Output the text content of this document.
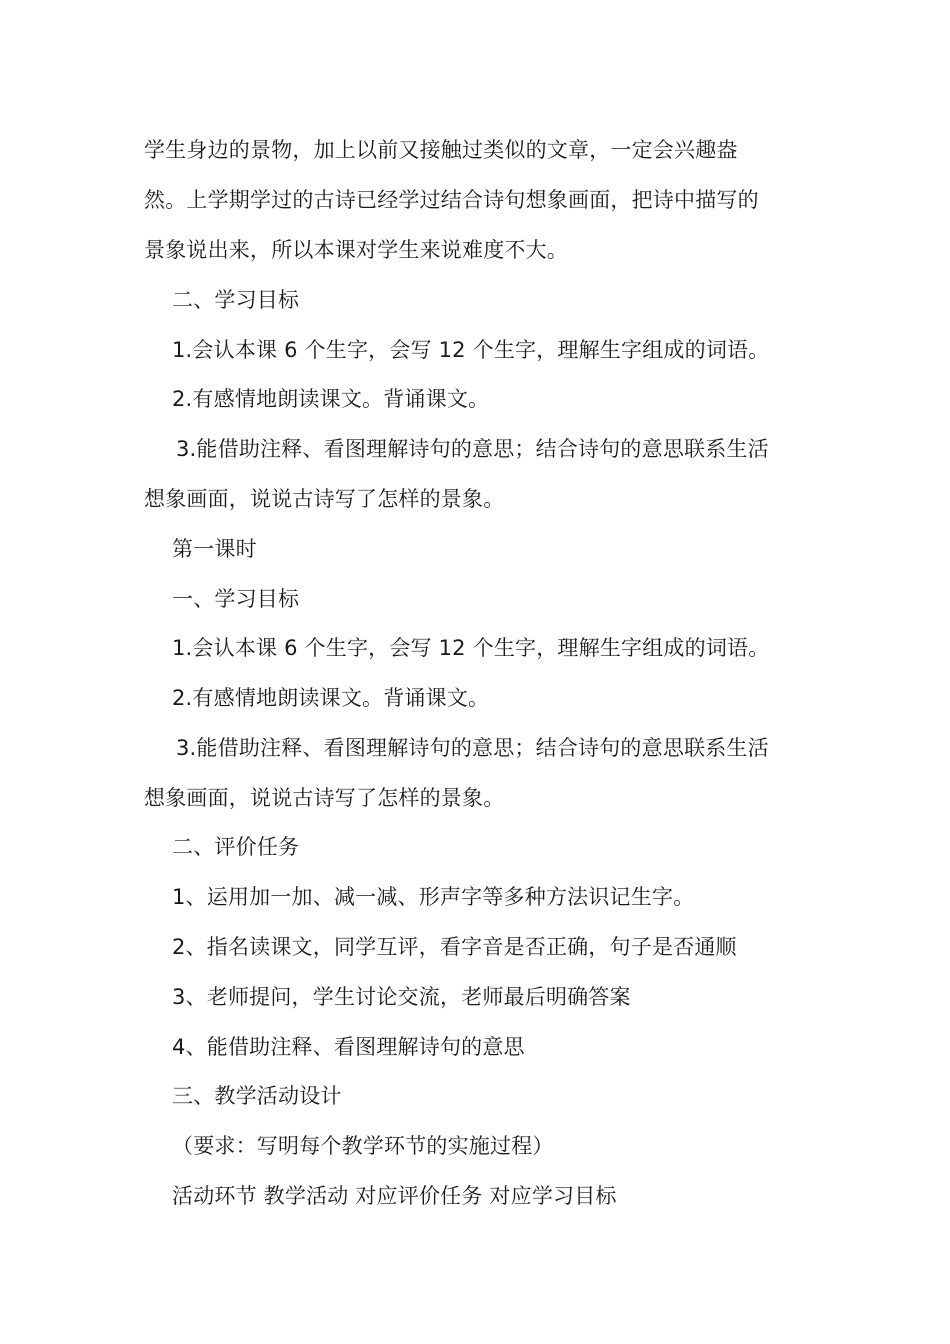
学生身边的景物，加上以前又接触过类似的文章，一定会兴趣盎
然。上学期学过的古诗已经学过结合诗句想象画面，把诗中描写的
景象说出来，所以本课对学生来说难度不大。
二、学习目标
1.会认本课 6 个生字，会写 12 个生字，理解生字组成的词语。
2.有感情地朗读课文。背诵课文。
3.能借助注释、看图理解诗句的意思；结合诗句的意思联系生活
想象画面，说说古诗写了怎样的景象。
第一课时
一、学习目标
1.会认本课 6 个生字，会写 12 个生字，理解生字组成的词语。
2.有感情地朗读课文。背诵课文。
3.能借助注释、看图理解诗句的意思；结合诗句的意思联系生活
想象画面，说说古诗写了怎样的景象。
二、评价任务
1、运用加一加、减一减、形声字等多种方法识记生字。
2、指名读课文，同学互评，看字音是否正确，句子是否通顺
3、老师提问，学生讨论交流，老师最后明确答案
4、能借助注释、看图理解诗句的意思
三、教学活动设计
（要求：写明每个教学环节的实施过程）
活动环节 教学活动 对应评价任务 对应学习目标
